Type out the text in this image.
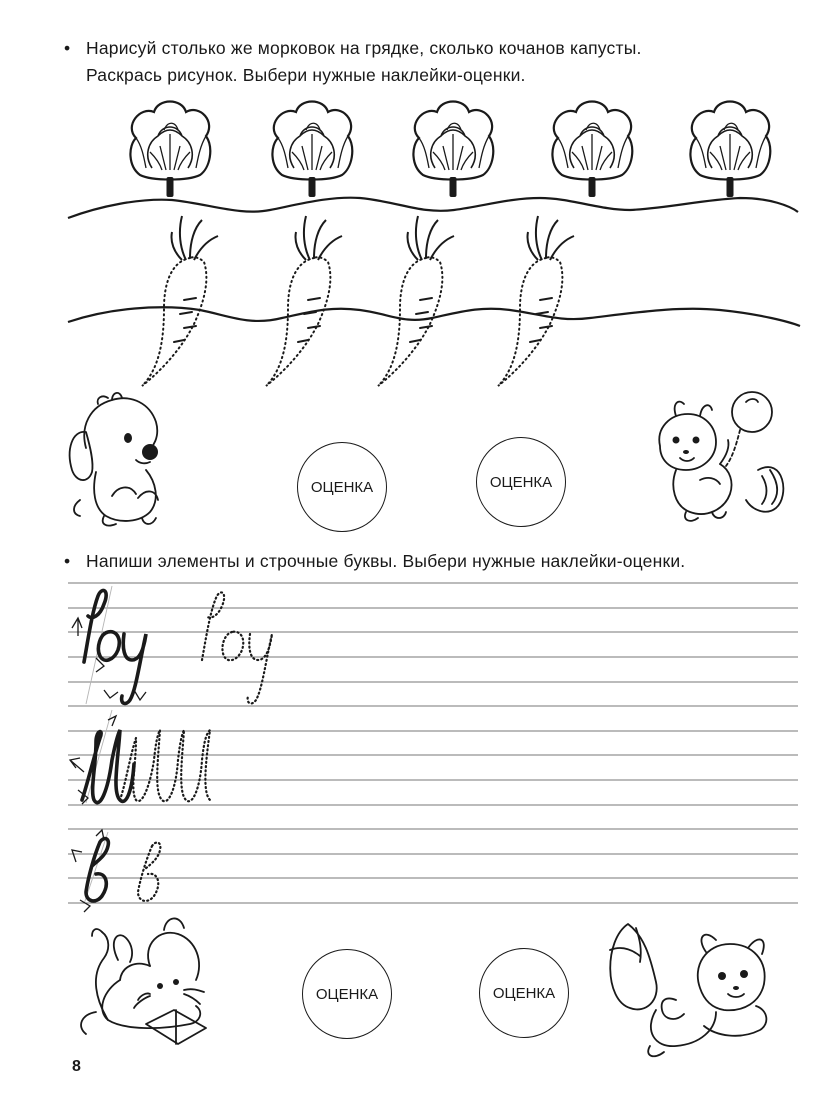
• Нарисуй столько же морковок на грядке, сколько кочанов капусты.
Раскрась рисунок. Выбери нужные наклейки-оценки.
• Напиши элементы и строчные буквы. Выбери нужные наклейки-оценки.
ОЦЕНКА	ОЦЕНКА
ОЦЕНКА	ОЦЕНКА
8
